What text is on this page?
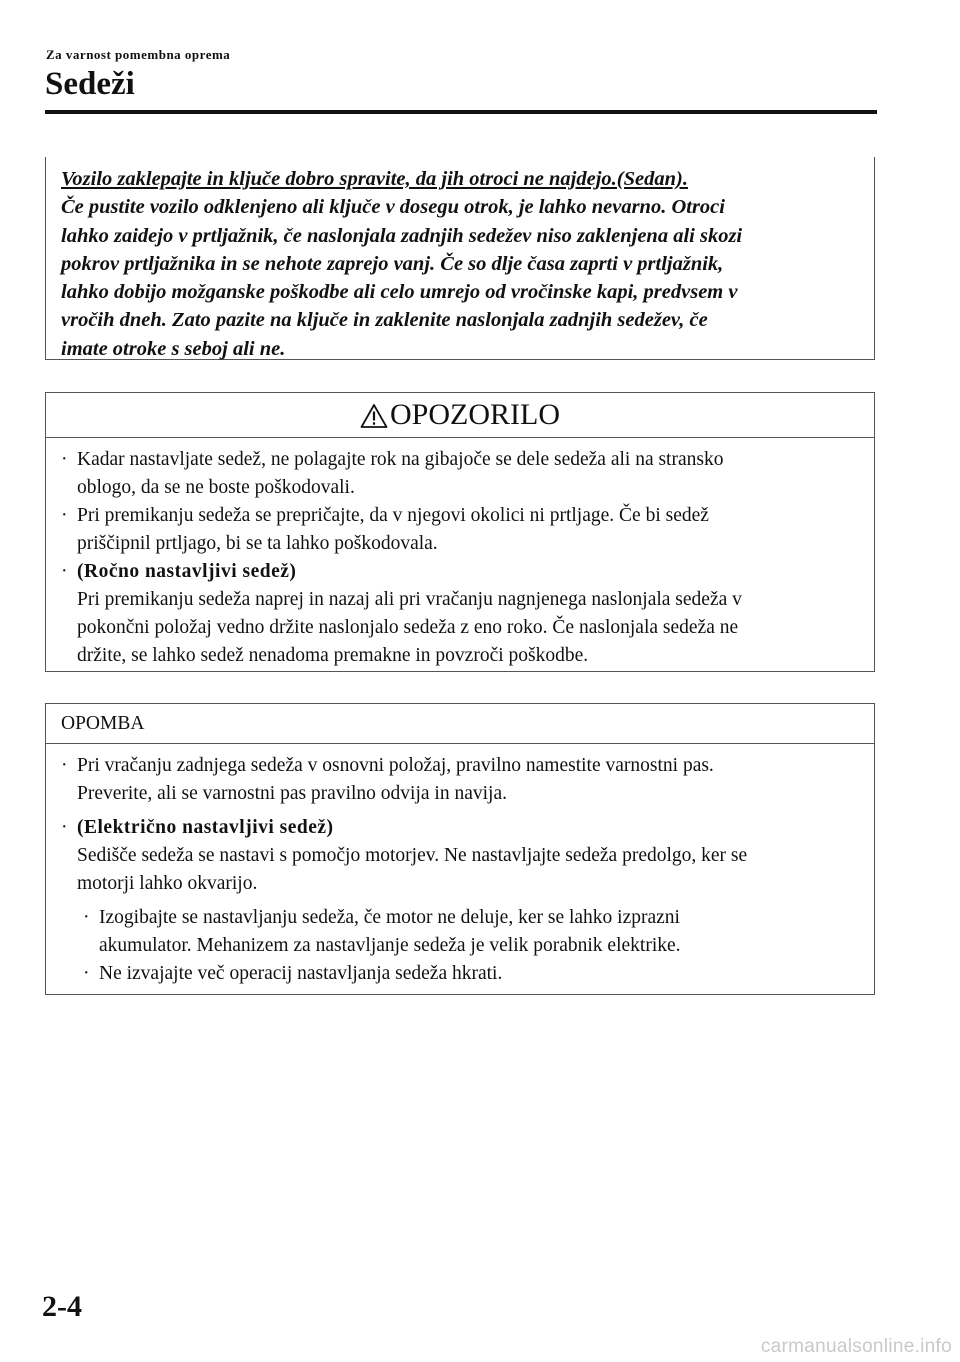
Za varnost pomembna oprema
Sedeži
Vozilo zaklepajte in ključe dobro spravite, da jih otroci ne najdejo.(Sedan).
Če pustite vozilo odklenjeno ali ključe v dosegu otrok, je lahko nevarno. Otroci
lahko zaidejo v prtljažnik, če naslonjala zadnjih sedežev niso zaklenjena ali skozi
pokrov prtljažnika in se nehote zaprejo vanj. Če so dlje časa zaprti v prtljažnik,
lahko dobijo možganske poškodbe ali celo umrejo od vročinske kapi, predvsem v
vročih dneh. Zato pazite na ključe in zaklenite naslonjala zadnjih sedežev, če
imate otroke s seboj ali ne.
OPOZORILO
· Kadar nastavljate sedež, ne polagajte rok na gibajoče se dele sedeža ali na stransko
oblogo, da se ne boste poškodovali.
· Pri premikanju sedeža se prepričajte, da v njegovi okolici ni prtljage. Če bi sedež
priščipnil prtljago, bi se ta lahko poškodovala.
· (Ročno nastavljivi sedež)
Pri premikanju sedeža naprej in nazaj ali pri vračanju nagnjenega naslonjala sedeža v
pokončni položaj vedno držite naslonjalo sedeža z eno roko. Če naslonjala sedeža ne
držite, se lahko sedež nenadoma premakne in povzroči poškodbe.
OPOMBA
· Pri vračanju zadnjega sedeža v osnovni položaj, pravilno namestite varnostni pas.
Preverite, ali se varnostni pas pravilno odvija in navija.
· (Električno nastavljivi sedež)
Sedišče sedeža se nastavi s pomočjo motorjev. Ne nastavljajte sedeža predolgo, ker se
motorji lahko okvarijo.
· Izogibajte se nastavljanju sedeža, če motor ne deluje, ker se lahko izprazni
akumulator. Mehanizem za nastavljanje sedeža je velik porabnik elektrike.
· Ne izvajajte več operacij nastavljanja sedeža hkrati.
2-4
carmanualsonline.info
